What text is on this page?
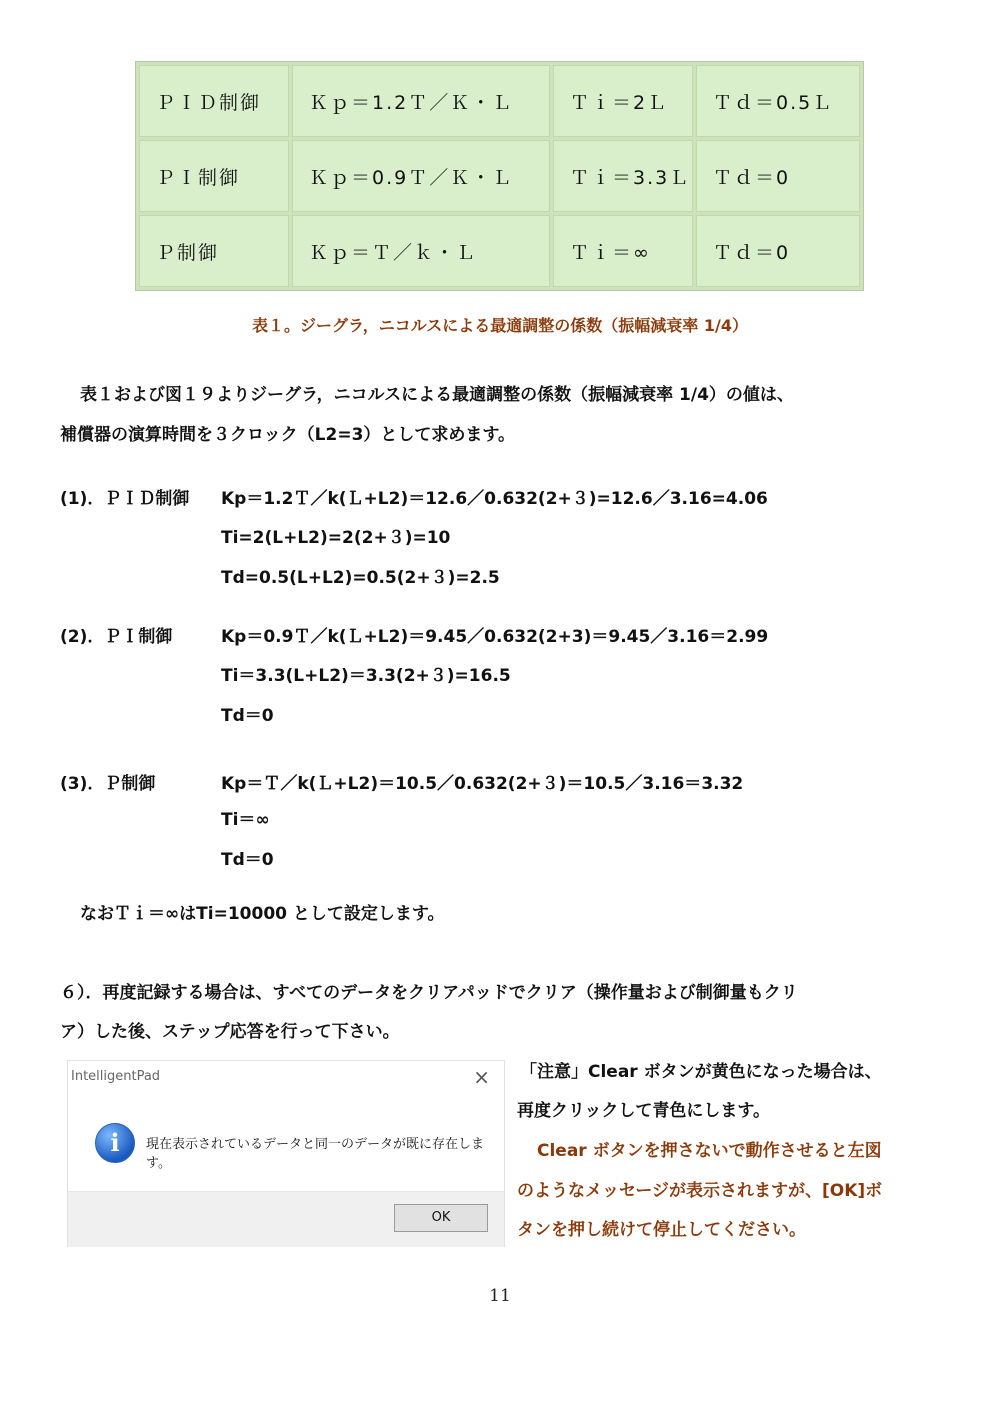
ＰＩＤ制御	Ｋｐ＝1.2Ｔ／Ｋ・Ｌ	Ｔｉ＝2Ｌ	Ｔｄ＝0.5Ｌ
ＰＩ制御	Ｋｐ＝0.9Ｔ／Ｋ・Ｌ	Ｔｉ＝3.3Ｌ	Ｔｄ＝0
Ｐ制御	Ｋｐ＝Ｔ／ｋ・Ｌ	Ｔｉ＝∞	Ｔｄ＝0
表１。ジーグラ，ニコルスによる最適調整の係数（振幅減衰率 1/4）
表１および図１９よりジーグラ，ニコルスによる最適調整の係数（振幅減衰率 1/4）の値は、
補償器の演算時間を３クロック（L2=3）として求めます。
(1)．ＰＩＤ制御 Kp＝1.2Ｔ／k(Ｌ+L2)＝12.6／0.632(2+３)=12.6／3.16=4.06
Ti=2(L+L2)=2(2+３)=10
Td=0.5(L+L2)=0.5(2+３)=2.5
(2)．ＰＩ制御	Kp＝0.9Ｔ／k(Ｌ+L2)＝9.45／0.632(2+3)＝9.45／3.16＝2.99
Ti＝3.3(L+L2)＝3.3(2+３)=16.5
Td＝0
(3)．Ｐ制御	Kp＝Ｔ／k(Ｌ+L2)＝10.5／0.632(2+３)＝10.5／3.16＝3.32
Ti＝∞
Td＝0
なおＴｉ＝∞はTi=10000 として設定します。
６）．再度記録する場合は、すべてのデータをクリアパッドでクリア（操作量および制御量もクリ
ア）した後、ステップ応答を行って下さい。
IntelligentPad	×
i	現在表示されているデータと同一のデータが既に存在します。
OK
「注意」Clear ボタンが黄色になった場合は、
再度クリックして青色にします。
Clear ボタンを押さないで動作させると左図
のようなメッセージが表示されますが、[OK]ボ
タンを押し続けて停止してください。
11
